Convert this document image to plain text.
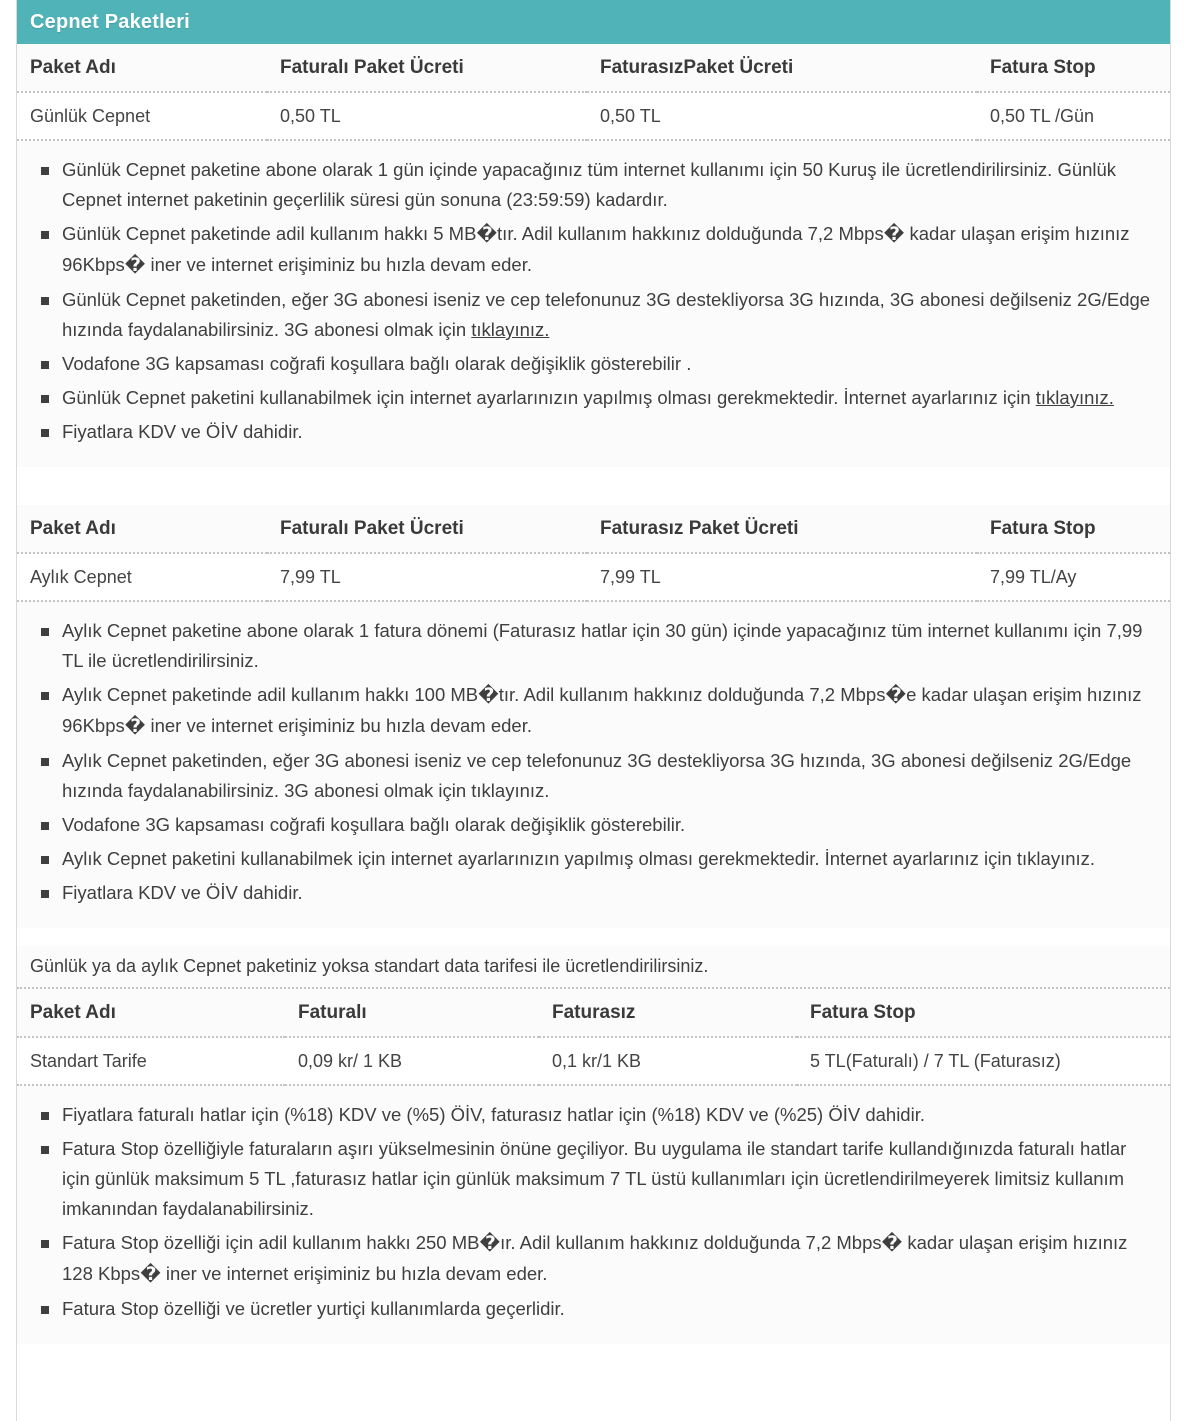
Cepnet Paketleri
Paket Adı	Faturalı Paket Ücreti	FaturasızPaket Ücreti	Fatura Stop
Günlük Cepnet	0,50 TL	0,50 TL	0,50 TL /Gün
Günlük Cepnet paketine abone olarak 1 gün içinde yapacağınız tüm internet kullanımı için 50 Kuruş ile ücretlendirilirsiniz. Günlük Cepnet internet paketinin geçerlilik süresi gün sonuna (23:59:59) kadardır.
Günlük Cepnet paketinde adil kullanım hakkı 5 MB�tır. Adil kullanım hakkınız dolduğunda 7,2 Mbps� kadar ulaşan erişim hızınız 96Kbps� iner ve internet erişiminiz bu hızla devam eder.
Günlük Cepnet paketinden, eğer 3G abonesi iseniz ve cep telefonunuz 3G destekliyorsa 3G hızında, 3G abonesi değilseniz 2G/Edge hızında faydalanabilirsiniz. 3G abonesi olmak için tıklayınız.
Vodafone 3G kapsaması coğrafi koşullara bağlı olarak değişiklik gösterebilir .
Günlük Cepnet paketini kullanabilmek için internet ayarlarınızın yapılmış olması gerekmektedir. İnternet ayarlarınız için tıklayınız.
Fiyatlara KDV ve ÖİV dahidir.
Paket Adı	Faturalı Paket Ücreti	Faturasız Paket Ücreti	Fatura Stop
Aylık Cepnet	7,99 TL	7,99 TL	7,99 TL/Ay
Aylık Cepnet paketine abone olarak 1 fatura dönemi (Faturasız hatlar için 30 gün) içinde yapacağınız tüm internet kullanımı için 7,99 TL ile ücretlendirilirsiniz.
Aylık Cepnet paketinde adil kullanım hakkı 100 MB�tır. Adil kullanım hakkınız dolduğunda 7,2 Mbps�e kadar ulaşan erişim hızınız 96Kbps� iner ve internet erişiminiz bu hızla devam eder.
Aylık Cepnet paketinden, eğer 3G abonesi iseniz ve cep telefonunuz 3G destekliyorsa 3G hızında, 3G abonesi değilseniz 2G/Edge hızında faydalanabilirsiniz. 3G abonesi olmak için tıklayınız.
Vodafone 3G kapsaması coğrafi koşullara bağlı olarak değişiklik gösterebilir.
Aylık Cepnet paketini kullanabilmek için internet ayarlarınızın yapılmış olması gerekmektedir. İnternet ayarlarınız için tıklayınız.
Fiyatlara KDV ve ÖİV dahidir.
Günlük ya da aylık Cepnet paketiniz yoksa standart data tarifesi ile ücretlendirilirsiniz.
Paket Adı	Faturalı	Faturasız	Fatura Stop
Standart Tarife	0,09 kr/ 1 KB	0,1 kr/1 KB	5 TL(Faturalı) / 7 TL (Faturasız)
Fiyatlara faturalı hatlar için (%18) KDV ve (%5) ÖİV, faturasız hatlar için (%18) KDV ve (%25) ÖİV dahidir.
Fatura Stop özelliğiyle faturaların aşırı yükselmesinin önüne geçiliyor. Bu uygulama ile standart tarife kullandığınızda faturalı hatlar için günlük maksimum 5 TL ,faturasız hatlar için günlük maksimum 7 TL üstü kullanımları için ücretlendirilmeyerek limitsiz kullanım imkanından faydalanabilirsiniz.
Fatura Stop özelliği için adil kullanım hakkı 250 MB�ır. Adil kullanım hakkınız dolduğunda 7,2 Mbps� kadar ulaşan erişim hızınız 128 Kbps� iner ve internet erişiminiz bu hızla devam eder.
Fatura Stop özelliği ve ücretler yurtiçi kullanımlarda geçerlidir.
